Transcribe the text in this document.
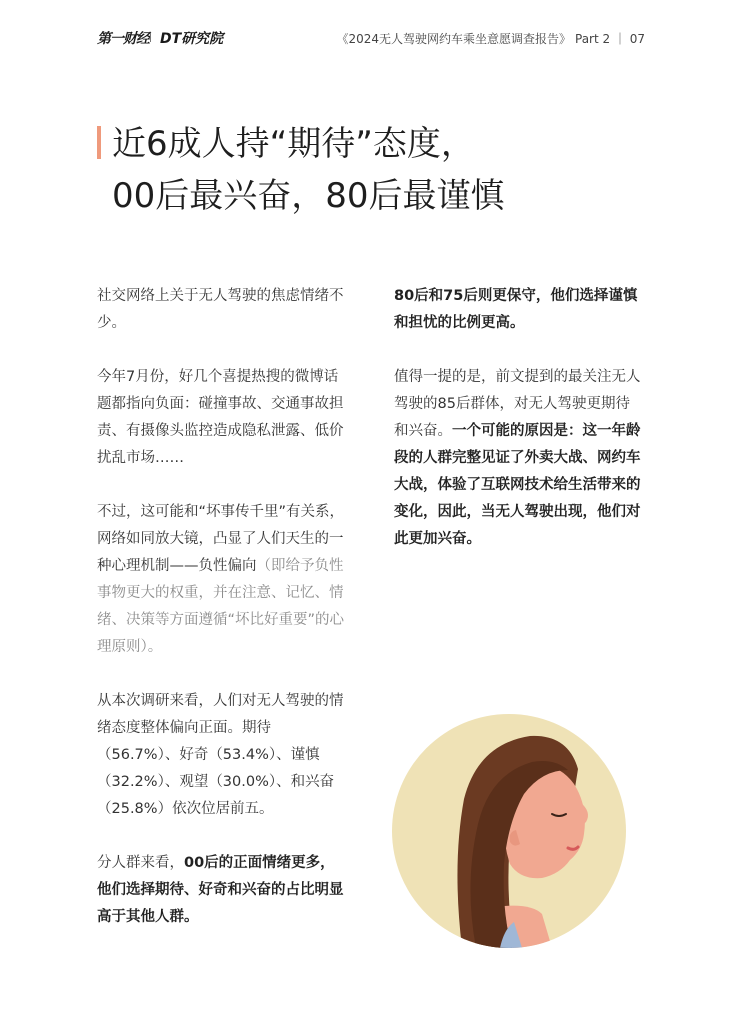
第一财经 DT研究院	《2024无人驾驶网约车乘坐意愿调查报告》 Part 2 ｜ 07
近6成人持“期待”态度，
00后最兴奋，80后最谨慎

社交网络上关于无人驾驶的焦虑情绪不少。

今年7月份，好几个喜提热搜的微博话题都指向负面：碰撞事故、交通事故担责、有摄像头监控造成隐私泄露、低价扰乱市场……

不过，这可能和“坏事传千里”有关系，网络如同放大镜，凸显了人们天生的一种心理机制——负性偏向（即给予负性事物更大的权重，并在注意、记忆、情绪、决策等方面遵循“坏比好重要”的心理原则）。

从本次调研来看，人们对无人驾驶的情绪态度整体偏向正面。期待（56.7%）、好奇（53.4%）、谨慎（32.2%）、观望（30.0%）、和兴奋（25.8%）依次位居前五。

分人群来看，00后的正面情绪更多，他们选择期待、好奇和兴奋的占比明显高于其他人群。

80后和75后则更保守，他们选择谨慎和担忧的比例更高。

值得一提的是，前文提到的最关注无人驾驶的85后群体，对无人驾驶更期待和兴奋。一个可能的原因是：这一年龄段的人群完整见证了外卖大战、网约车大战，体验了互联网技术给生活带来的变化，因此，当无人驾驶出现，他们对此更加兴奋。
